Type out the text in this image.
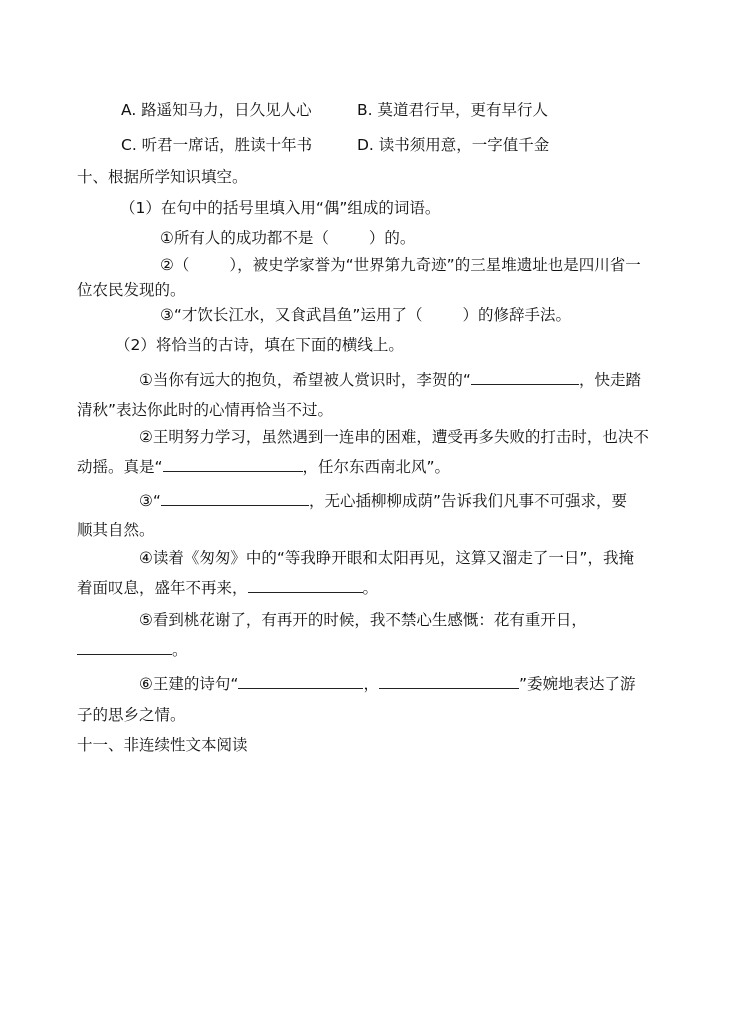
A. 路遥知马力，日久见人心	B. 莫道君行早，更有早行人
C. 听君一席话，胜读十年书	D. 读书须用意，一字值千金
十、根据所学知识填空。
（1）在句中的括号里填入用“偶”组成的词语。
①所有人的成功都不是（	）的。
②（	），被史学家誉为“世界第九奇迹”的三星堆遗址也是四川省一
位农民发现的。
③“才饮长江水，又食武昌鱼”运用了（	）的修辞手法。
（2）将恰当的古诗，填在下面的横线上。
①当你有远大的抱负，希望被人赏识时，李贺的“	，快走踏
清秋”表达你此时的心情再恰当不过。
②王明努力学习，虽然遇到一连串的困难，遭受再多失败的打击时，也决不
动摇。真是“	，任尔东西南北风”。
③“	，无心插柳柳成荫”告诉我们凡事不可强求，要
顺其自然。
④读着《匆匆》中的“等我睁开眼和太阳再见，这算又溜走了一日”，我掩
着面叹息，盛年不再来，	。
⑤看到桃花谢了，有再开的时候，我不禁心生感慨：花有重开日，
。
⑥王建的诗句“	，	”委婉地表达了游
子的思乡之情。
十一、非连续性文本阅读
